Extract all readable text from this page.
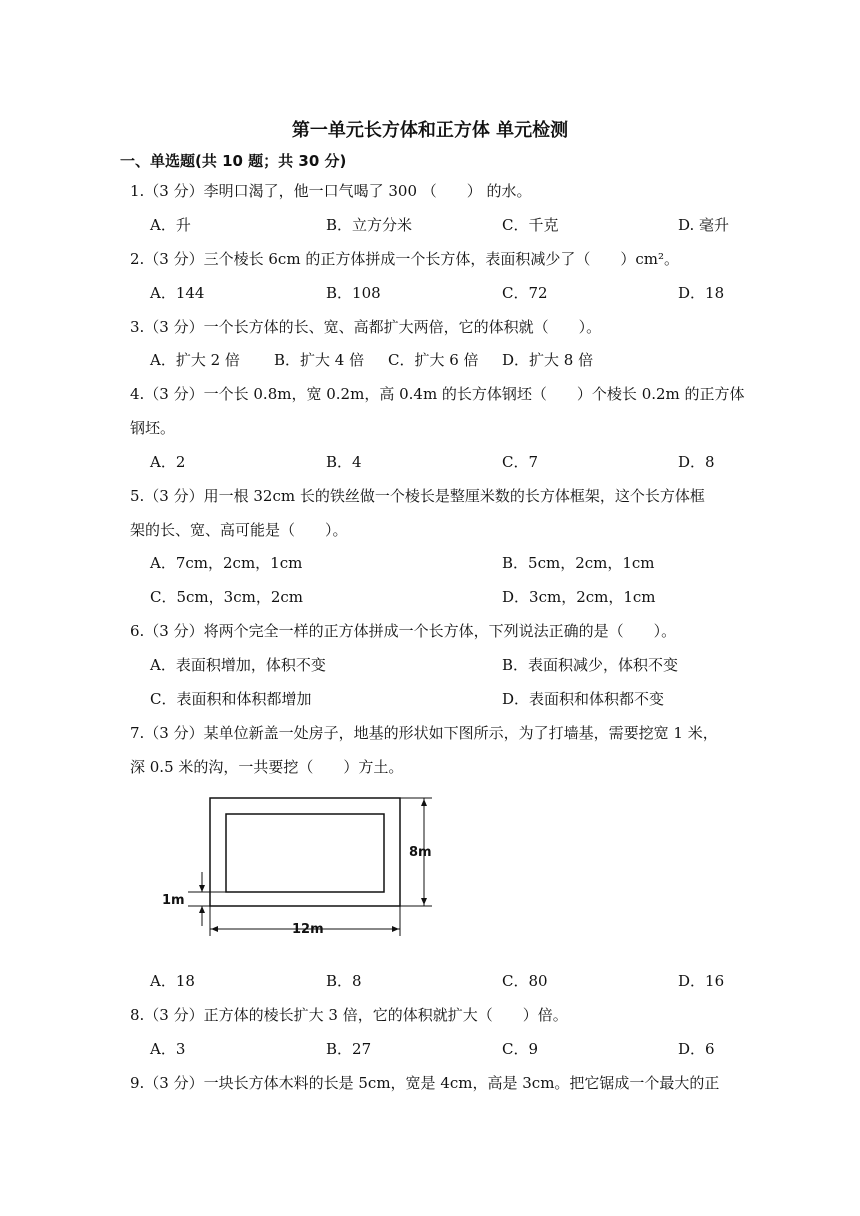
第一单元长方体和正方体 单元检测
一、单选题(共 10 题；共 30 分)
1.（3 分）李明口渴了，他一口气喝了 300 （　　） 的水。
A．升	B．立方分米	C．千克	D. 毫升
2.（3 分）三个棱长 6cm 的正方体拼成一个长方体，表面积减少了（　　）cm²。
A．144	B．108	C．72	D．18
3.（3 分）一个长方体的长、宽、高都扩大两倍，它的体积就（　　）。
A．扩大 2 倍 B．扩大 4 倍 C．扩大 6 倍 D．扩大 8 倍
4.（3 分）一个长 0.8m，宽 0.2m，高 0.4m 的长方体钢坯（　　）个棱长 0.2m 的正方体
钢坯。
A．2	B．4	C．7	D．8
5.（3 分）用一根 32cm 长的铁丝做一个棱长是整厘米数的长方体框架，这个长方体框
架的长、宽、高可能是（　　）。
A．7cm，2cm，1cm	B．5cm，2cm，1cm
C．5cm，3cm，2cm	D．3cm，2cm，1cm
6.（3 分）将两个完全一样的正方体拼成一个长方体，下列说法正确的是（　　）。
A．表面积增加，体积不变	B．表面积减少，体积不变
C．表面积和体积都增加	D．表面积和体积都不变
7.（3 分）某单位新盖一处房子，地基的形状如下图所示，为了打墙基，需要挖宽 1 米，
深 0.5 米的沟，一共要挖（　　）方土。
8m
12m
1m
A．18	B．8	C．80	D．16
8.（3 分）正方体的棱长扩大 3 倍，它的体积就扩大（　　）倍。
A．3	B．27	C．9	D．6
9.（3 分）一块长方体木料的长是 5cm，宽是 4cm，高是 3cm。把它锯成一个最大的正
